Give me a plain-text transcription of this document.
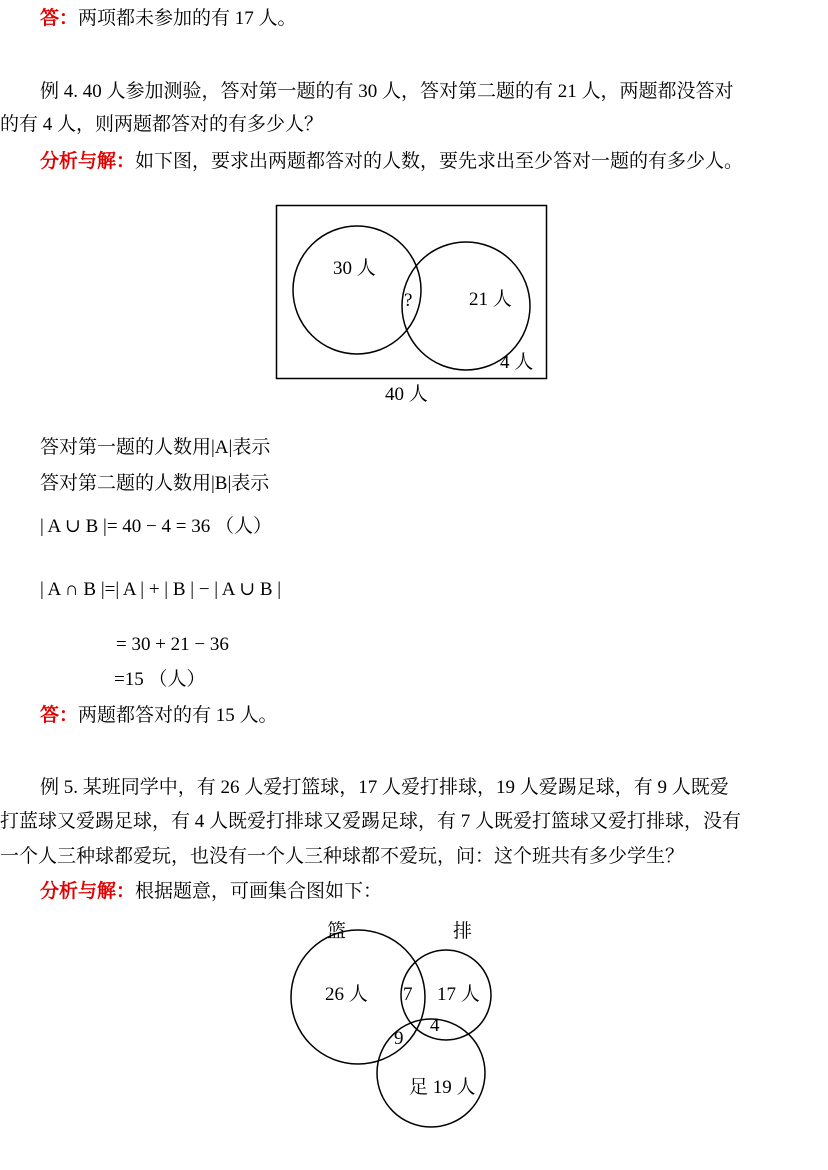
答：两项都未参加的有 17 人。
例 4. 40 人参加测验，答对第一题的有 30 人，答对第二题的有 21 人，两题都没答对
的有 4 人，则两题都答对的有多少人？
分析与解：如下图，要求出两题都答对的人数，要先求出至少答对一题的有多少人。
30 人
?	21 人
4 人
40 人
答对第一题的人数用|A|表示
答对第二题的人数用|B|表示
| A ∪ B |= 40 − 4 = 36 （人）
| A ∩ B |=| A | + | B | − | A ∪ B |
= 30 + 21 − 36
=15 （人）
答：两题都答对的有 15 人。
例 5. 某班同学中，有 26 人爱打篮球，17 人爱打排球，19 人爱踢足球，有 9 人既爱
打蓝球又爱踢足球，有 4 人既爱打排球又爱踢足球，有 7 人既爱打篮球又爱打排球，没有
一个人三种球都爱玩，也没有一个人三种球都不爱玩，问：这个班共有多少学生？
分析与解：根据题意，可画集合图如下：
篮	排
26 人 7 17 人
4
9
足 19 人
